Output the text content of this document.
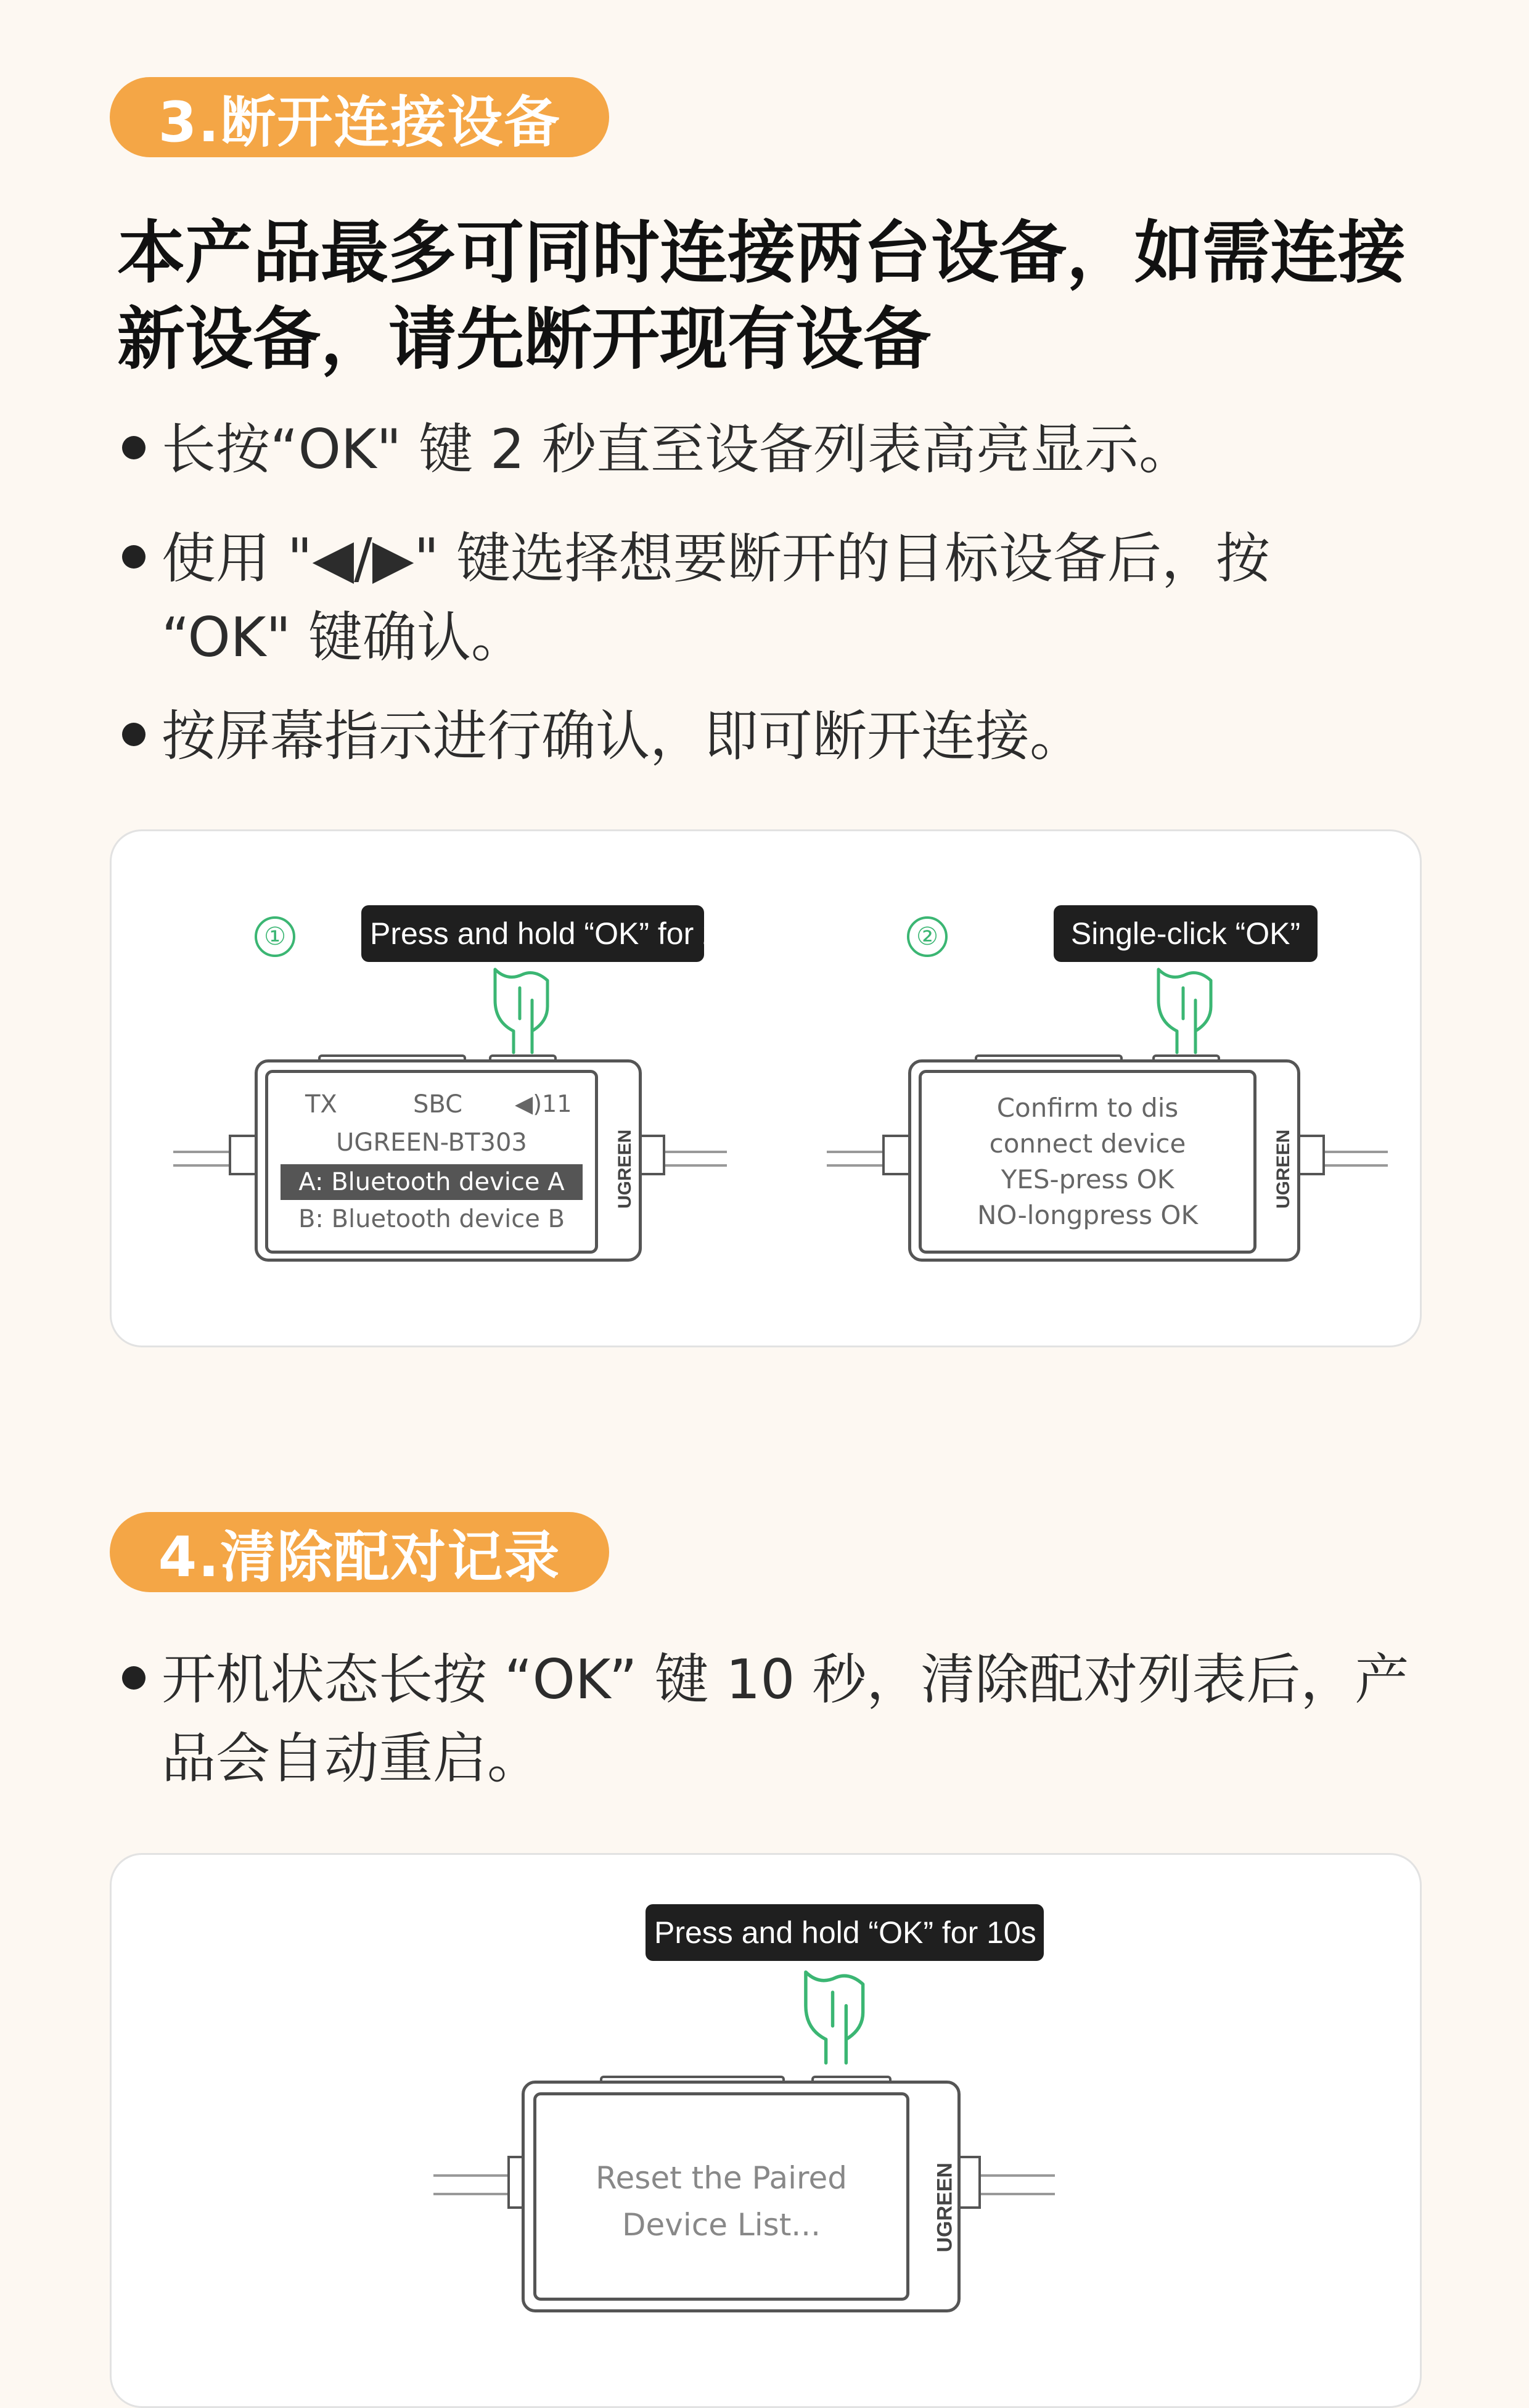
3.断开连接设备
本产品最多可同时连接两台设备，如需连接
新设备，请先断开现有设备
长按“OK" 键 2 秒直至设备列表高亮显示。
使用 "◀/▶" 键选择想要断开的目标设备后，按
“OK" 键确认。
按屏幕指示进行确认，即可断开连接。
①	Press and hold “OK” for 2s
TX	SBC ◀)11
UGREEN-BT303
A: Bluetooth device A
B: Bluetooth device B
UGREEN
②	Single-click “OK”
Confirm to dis
connect device
YES-press OK
NO-longpress OK
UGREEN
4.清除配对记录
开机状态长按 “OK” 键 10 秒，清除配对列表后，产
品会自动重启。
Press and hold “OK” for 10s
Reset the Paired
Device List...	UGREEN
